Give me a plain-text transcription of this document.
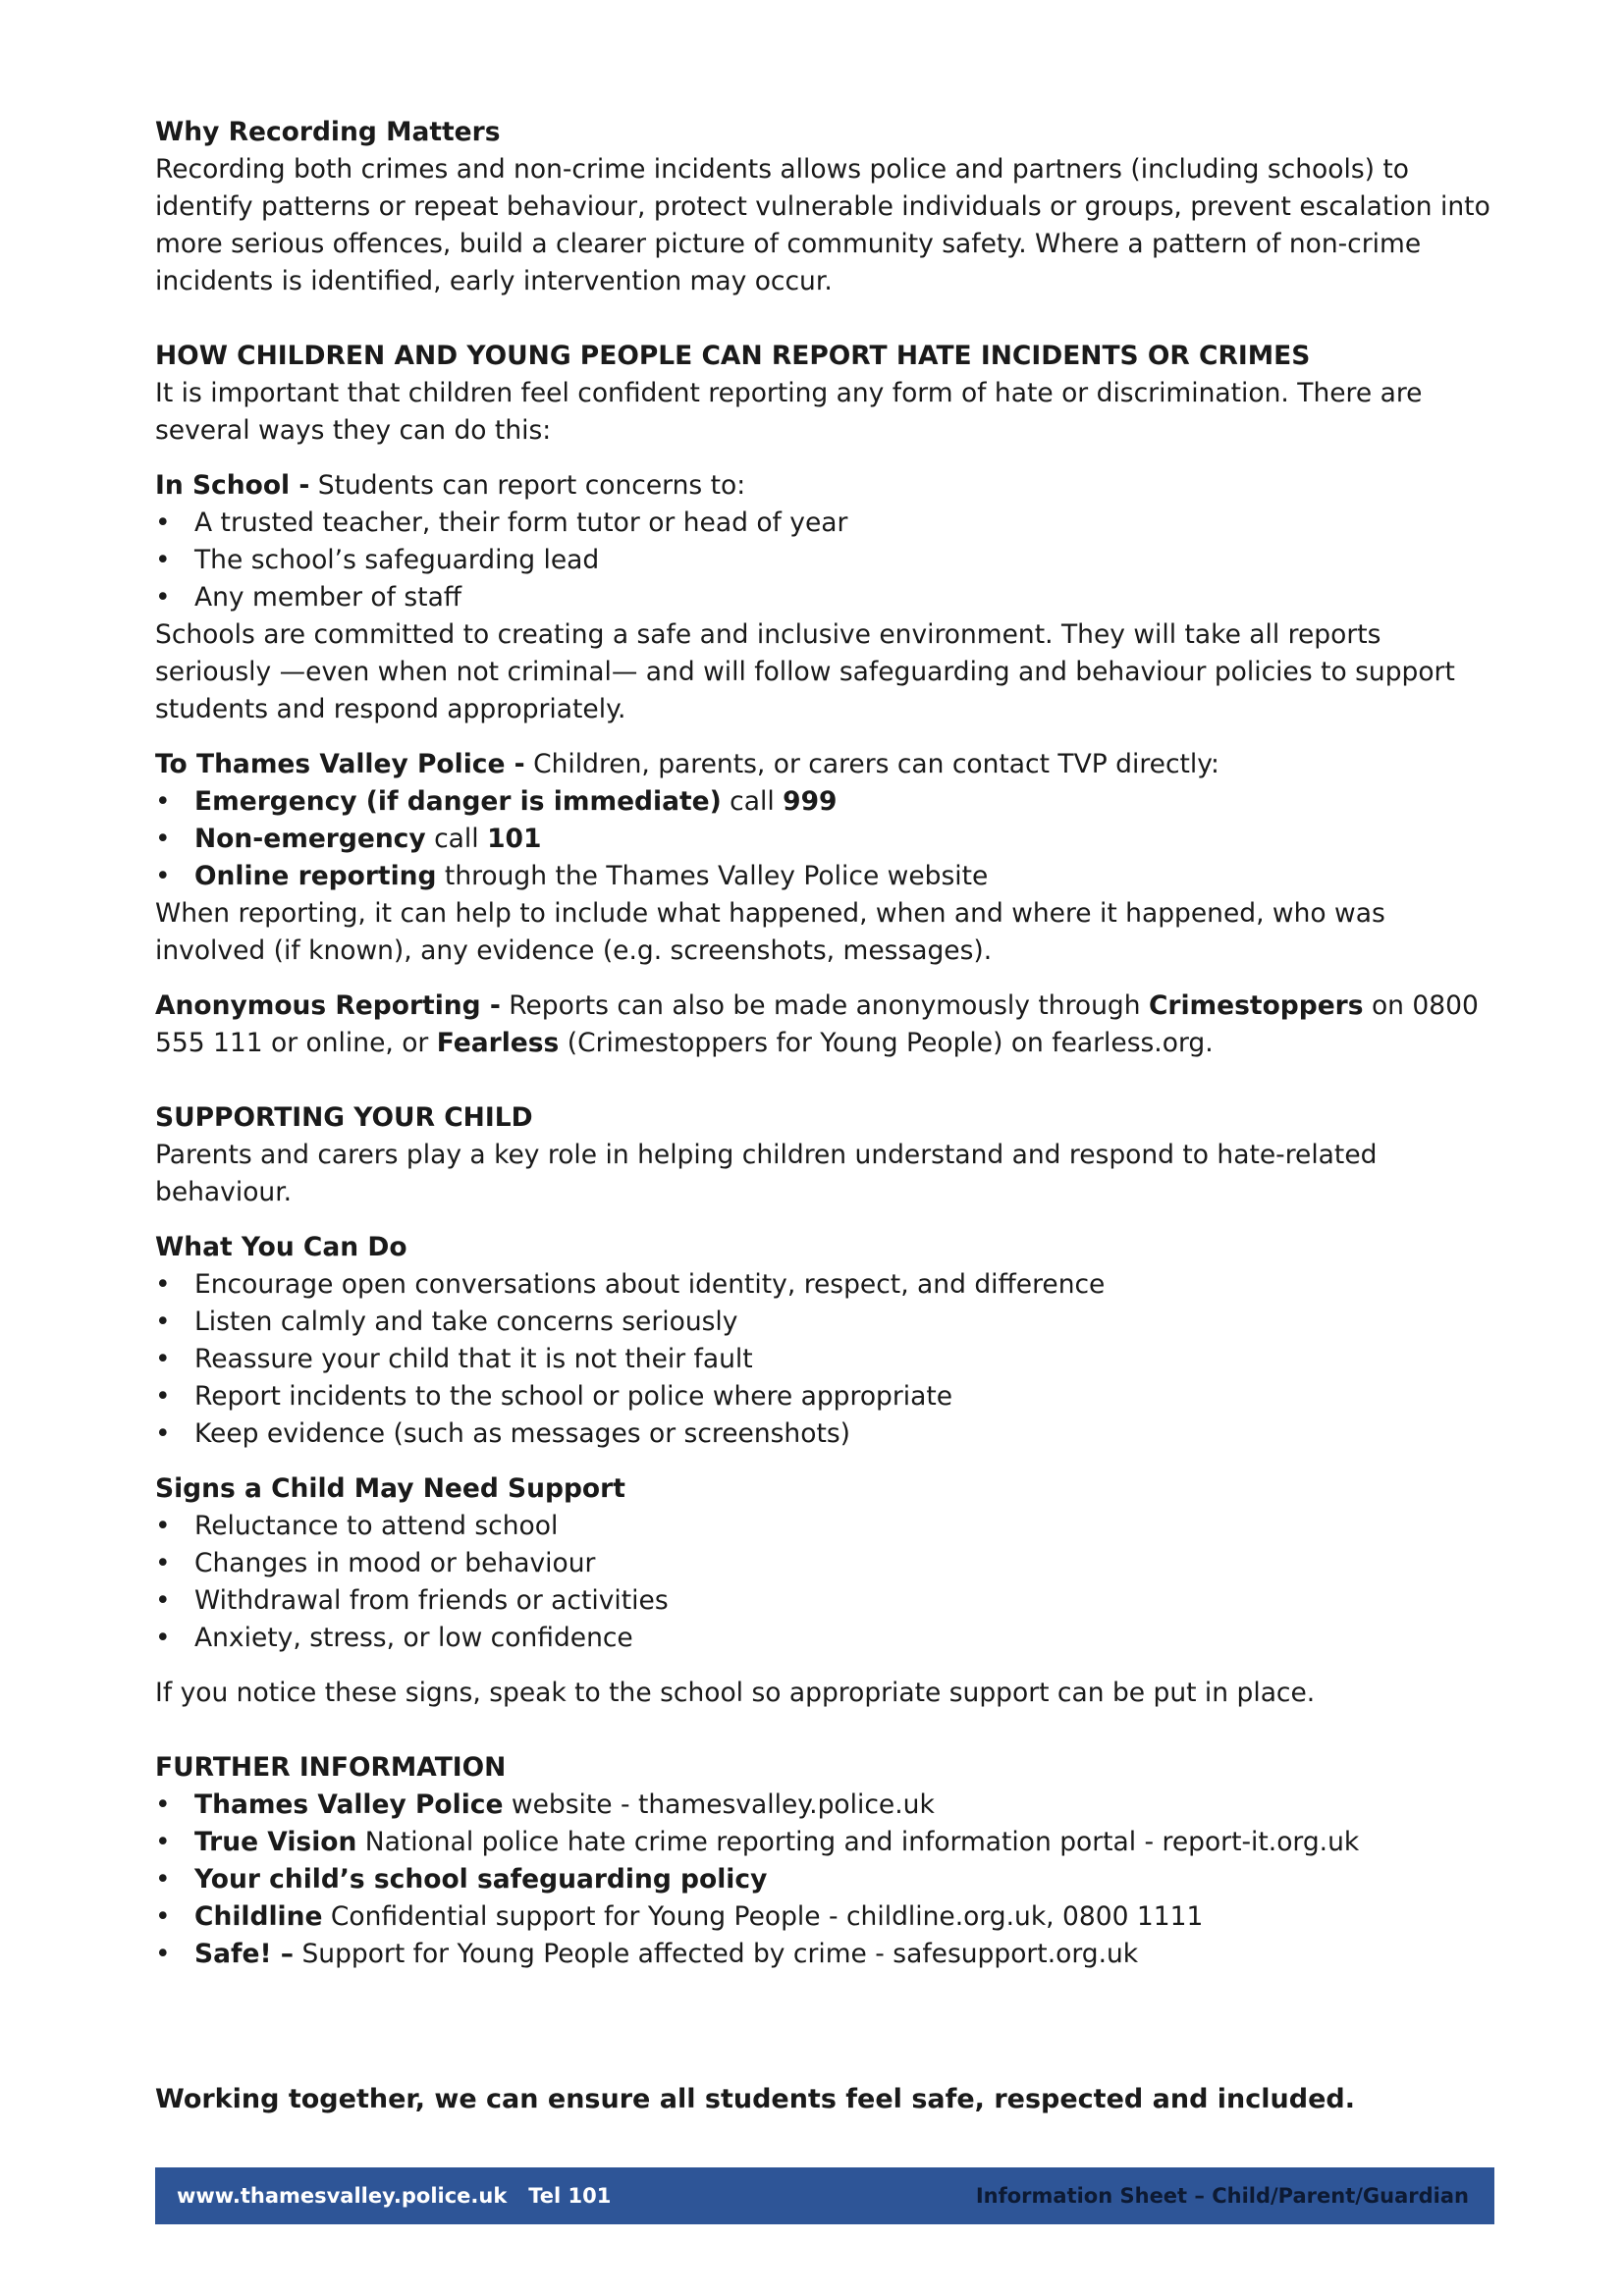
Why Recording Matters

Recording both crimes and non-crime incidents allows police and partners (including schools) to identify patterns or repeat behaviour, protect vulnerable individuals or groups, prevent escalation into more serious offences, build a clearer picture of community safety. Where a pattern of non-crime incidents is identified, early intervention may occur.

HOW CHILDREN AND YOUNG PEOPLE CAN REPORT HATE INCIDENTS OR CRIMES

It is important that children feel confident reporting any form of hate or discrimination. There are several ways they can do this:

In School - Students can report concerns to:

• A trusted teacher, their form tutor or head of year
• The school’s safeguarding lead
• Any member of staff

Schools are committed to creating a safe and inclusive environment. They will take all reports seriously —even when not criminal— and will follow safeguarding and behaviour policies to support students and respond appropriately.

To Thames Valley Police - Children, parents, or carers can contact TVP directly:

• Emergency (if danger is immediate) call 999
• Non-emergency call 101
• Online reporting through the Thames Valley Police website

When reporting, it can help to include what happened, when and where it happened, who was involved (if known), any evidence (e.g. screenshots, messages).

Anonymous Reporting - Reports can also be made anonymously through Crimestoppers on 0800 555 111 or online, or Fearless (Crimestoppers for Young People) on fearless.org.

SUPPORTING YOUR CHILD

Parents and carers play a key role in helping children understand and respond to hate-related behaviour.

What You Can Do

• Encourage open conversations about identity, respect, and difference
• Listen calmly and take concerns seriously
• Reassure your child that it is not their fault
• Report incidents to the school or police where appropriate
• Keep evidence (such as messages or screenshots)

Signs a Child May Need Support

• Reluctance to attend school
• Changes in mood or behaviour
• Withdrawal from friends or activities
• Anxiety, stress, or low confidence

If you notice these signs, speak to the school so appropriate support can be put in place.

FURTHER INFORMATION

• Thames Valley Police website - thamesvalley.police.uk
• True Vision National police hate crime reporting and information portal - report-it.org.uk
• Your child’s school safeguarding policy
• Childline Confidential support for Young People - childline.org.uk, 0800 1111
• Safe! – Support for Young People affected by crime - safesupport.org.uk

Working together, we can ensure all students feel safe, respected and included.

www.thamesvalley.police.uk   Tel 101	Information Sheet – Child/Parent/Guardian
